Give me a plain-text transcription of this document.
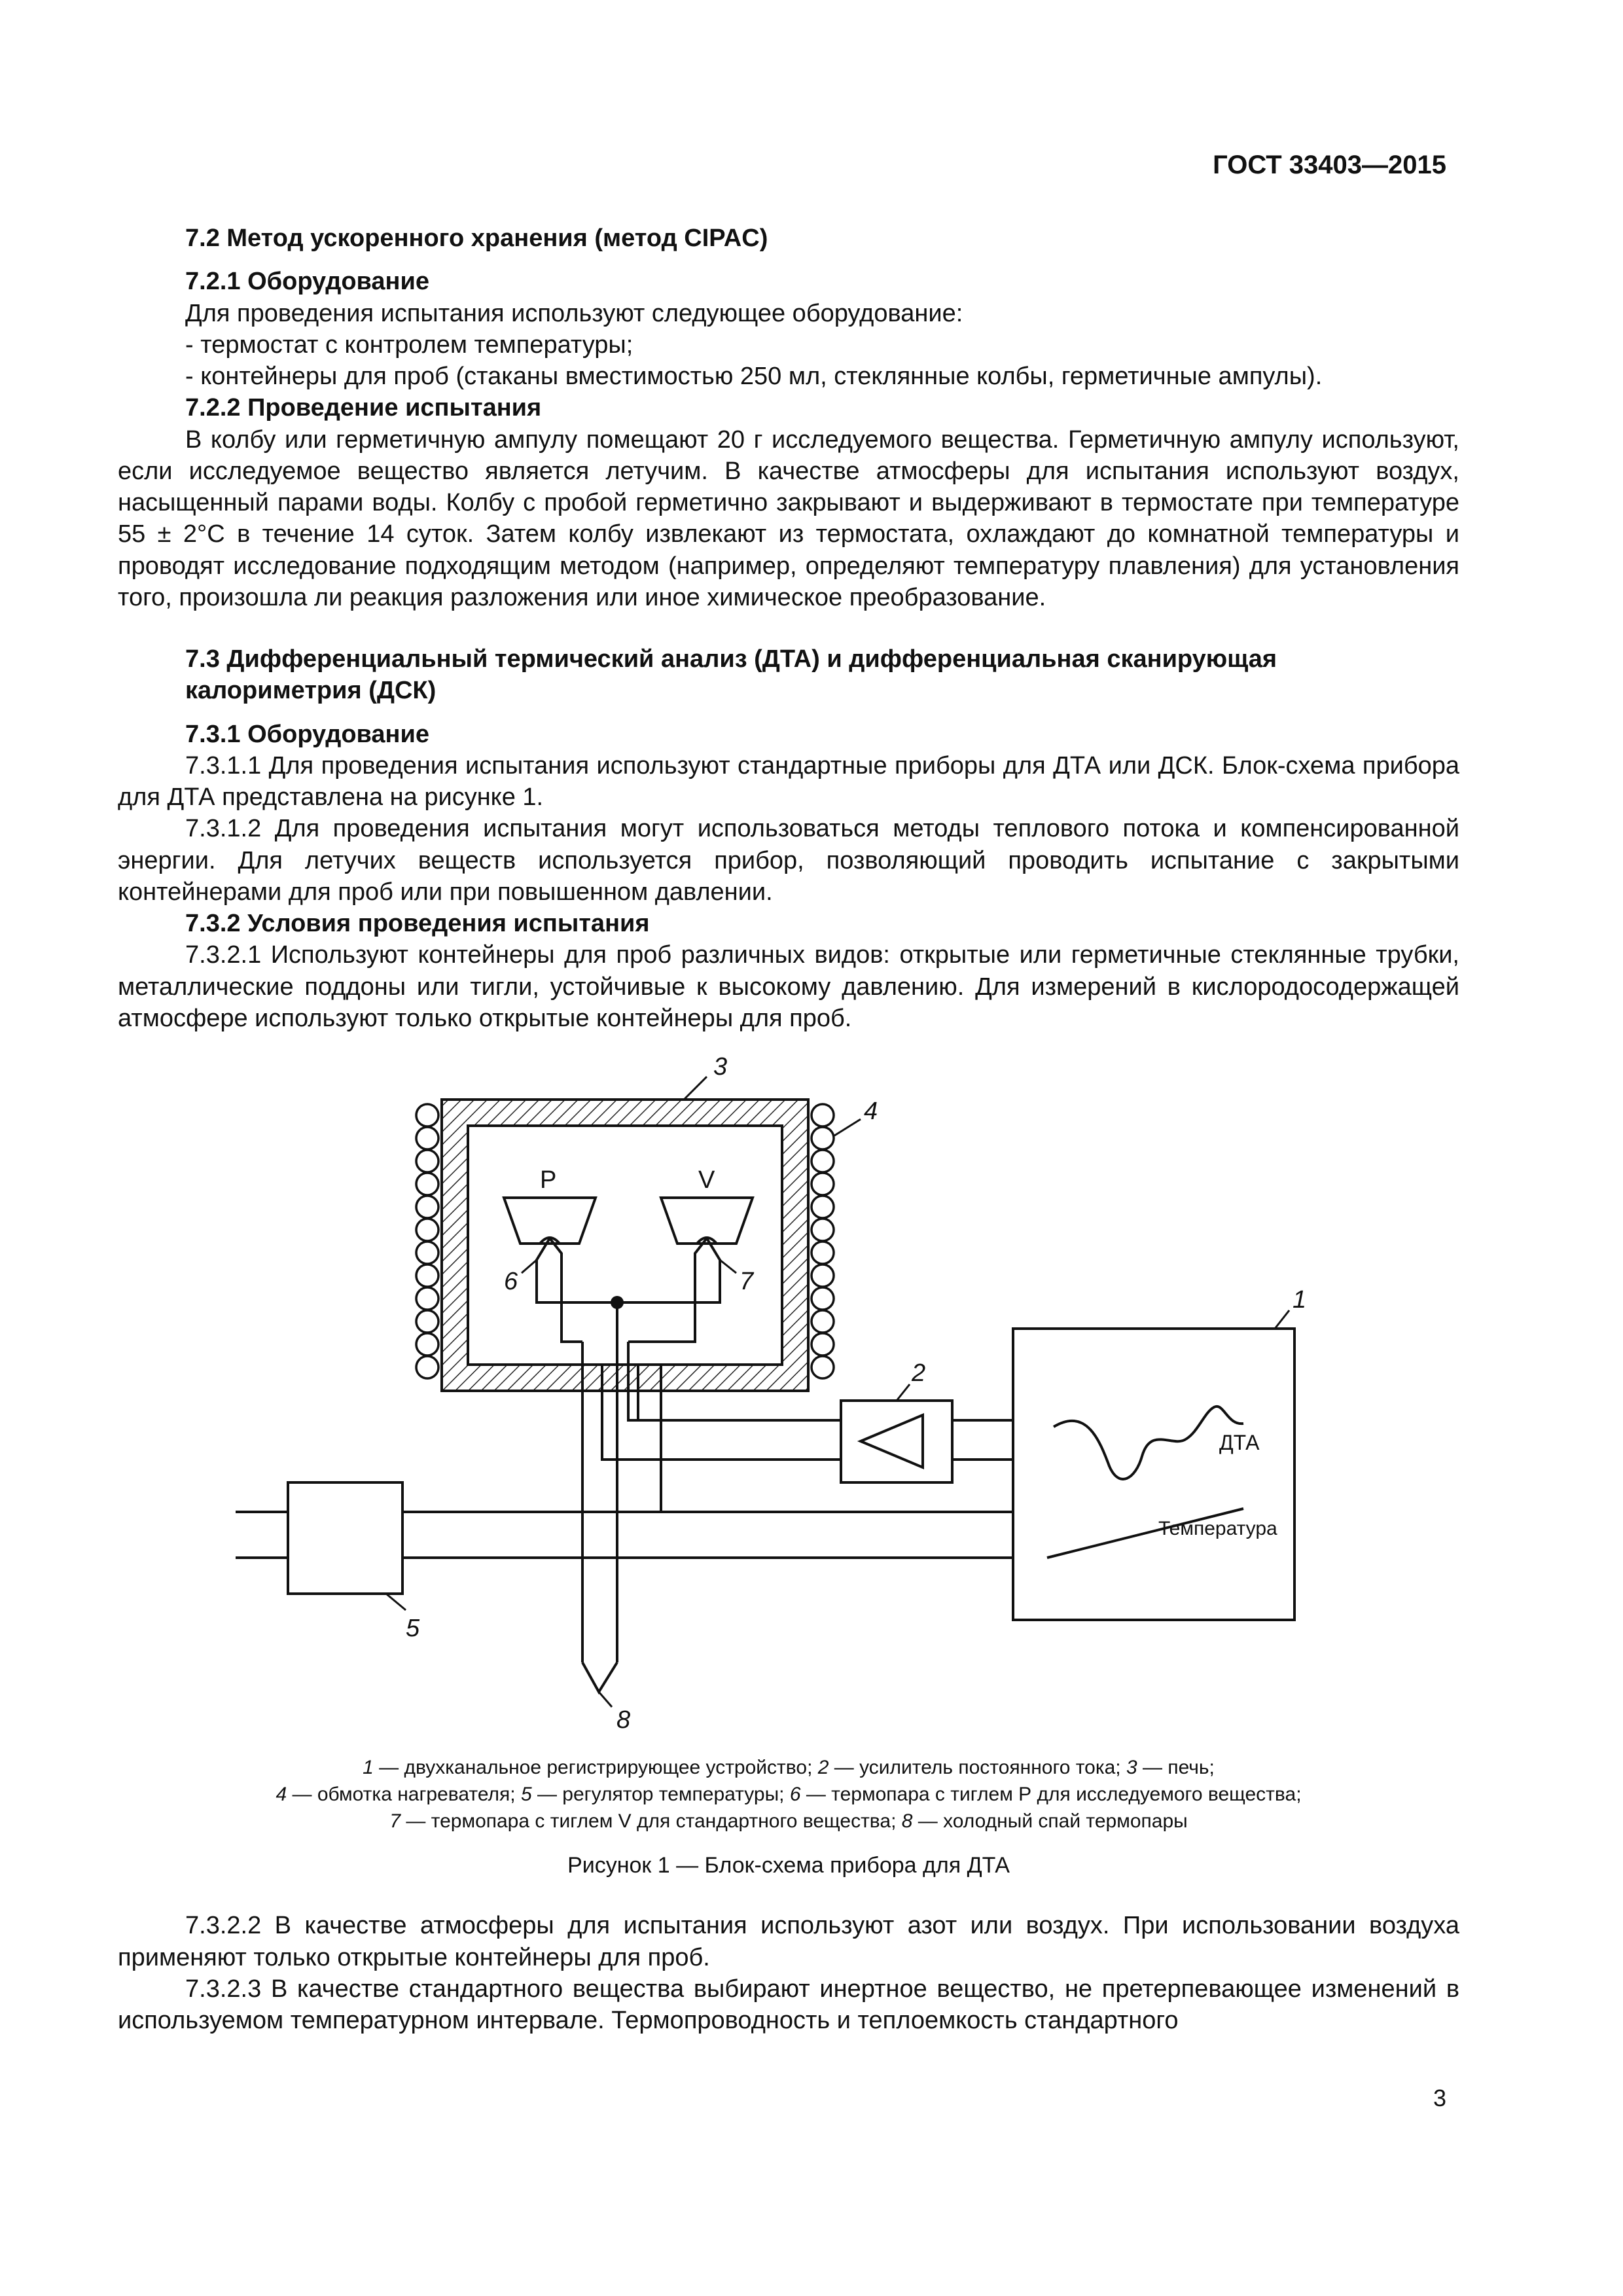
ГОСТ 33403—2015
7.2 Метод ускоренного хранения (метод CIPAC)
7.2.1 Оборудование

Для проведения испытания используют следующее оборудование:

- термостат с контролем температуры;
- контейнеры для проб (стаканы вместимостью 250 мл, стеклянные колбы, герметичные ампулы).
7.2.2 Проведение испытания

В колбу или герметичную ампулу помещают 20 г исследуемого вещества. Герметичную ампулу используют, если исследуемое вещество является летучим. В качестве атмосферы для испытания используют воздух, насыщенный парами воды. Колбу с пробой герметично закрывают и выдерживают в термостате при температуре 55 ± 2°С в течение 14 суток. Затем колбу извлекают из термостата, охлаждают до комнатной температуры и проводят исследование подходящим методом (например, определяют температуру плавления) для установления того, произошла ли реакция разложения или иное химическое преобразование.

7.3 Дифференциальный термический анализ (ДТА) и дифференциальная сканирующая калориметрия (ДСК)
7.3.1 Оборудование

7.3.1.1 Для проведения испытания используют стандартные приборы для ДТА или ДСК. Блок-схема прибора для ДТА представлена на рисунке 1.

7.3.1.2 Для проведения испытания могут использоваться методы теплового потока и компенсированной энергии. Для летучих веществ используется прибор, позволяющий проводить испытание с закрытыми контейнерами для проб или при повышенном давлении.

7.3.2 Условия проведения испытания

7.3.2.1 Используют контейнеры для проб различных видов: открытые или герметичные стеклянные трубки, металлические поддоны или тигли, устойчивые к высокому давлению. Для измерений в кислородосодержащей атмосфере используют только открытые контейнеры для проб.

3
4
1
2
5
6	7
8
P	V
ДТА
Температура
1 — двухканальное регистрирующее устройство; 2 — усилитель постоянного тока; 3 — печь;
4 — обмотка нагревателя; 5 — регулятор температуры; 6 — термопара с тиглем Р для исследуемого вещества;
7 — термопара с тиглем V для стандартного вещества; 8 — холодный спай термопары
Рисунок 1 — Блок-схема прибора для ДТА

7.3.2.2 В качестве атмосферы для испытания используют азот или воздух. При использовании воздуха применяют только открытые контейнеры для проб.

7.3.2.3 В качестве стандартного вещества выбирают инертное вещество, не претерпевающее изменений в используемом температурном интервале. Термопроводность и теплоемкость стандартного

3
